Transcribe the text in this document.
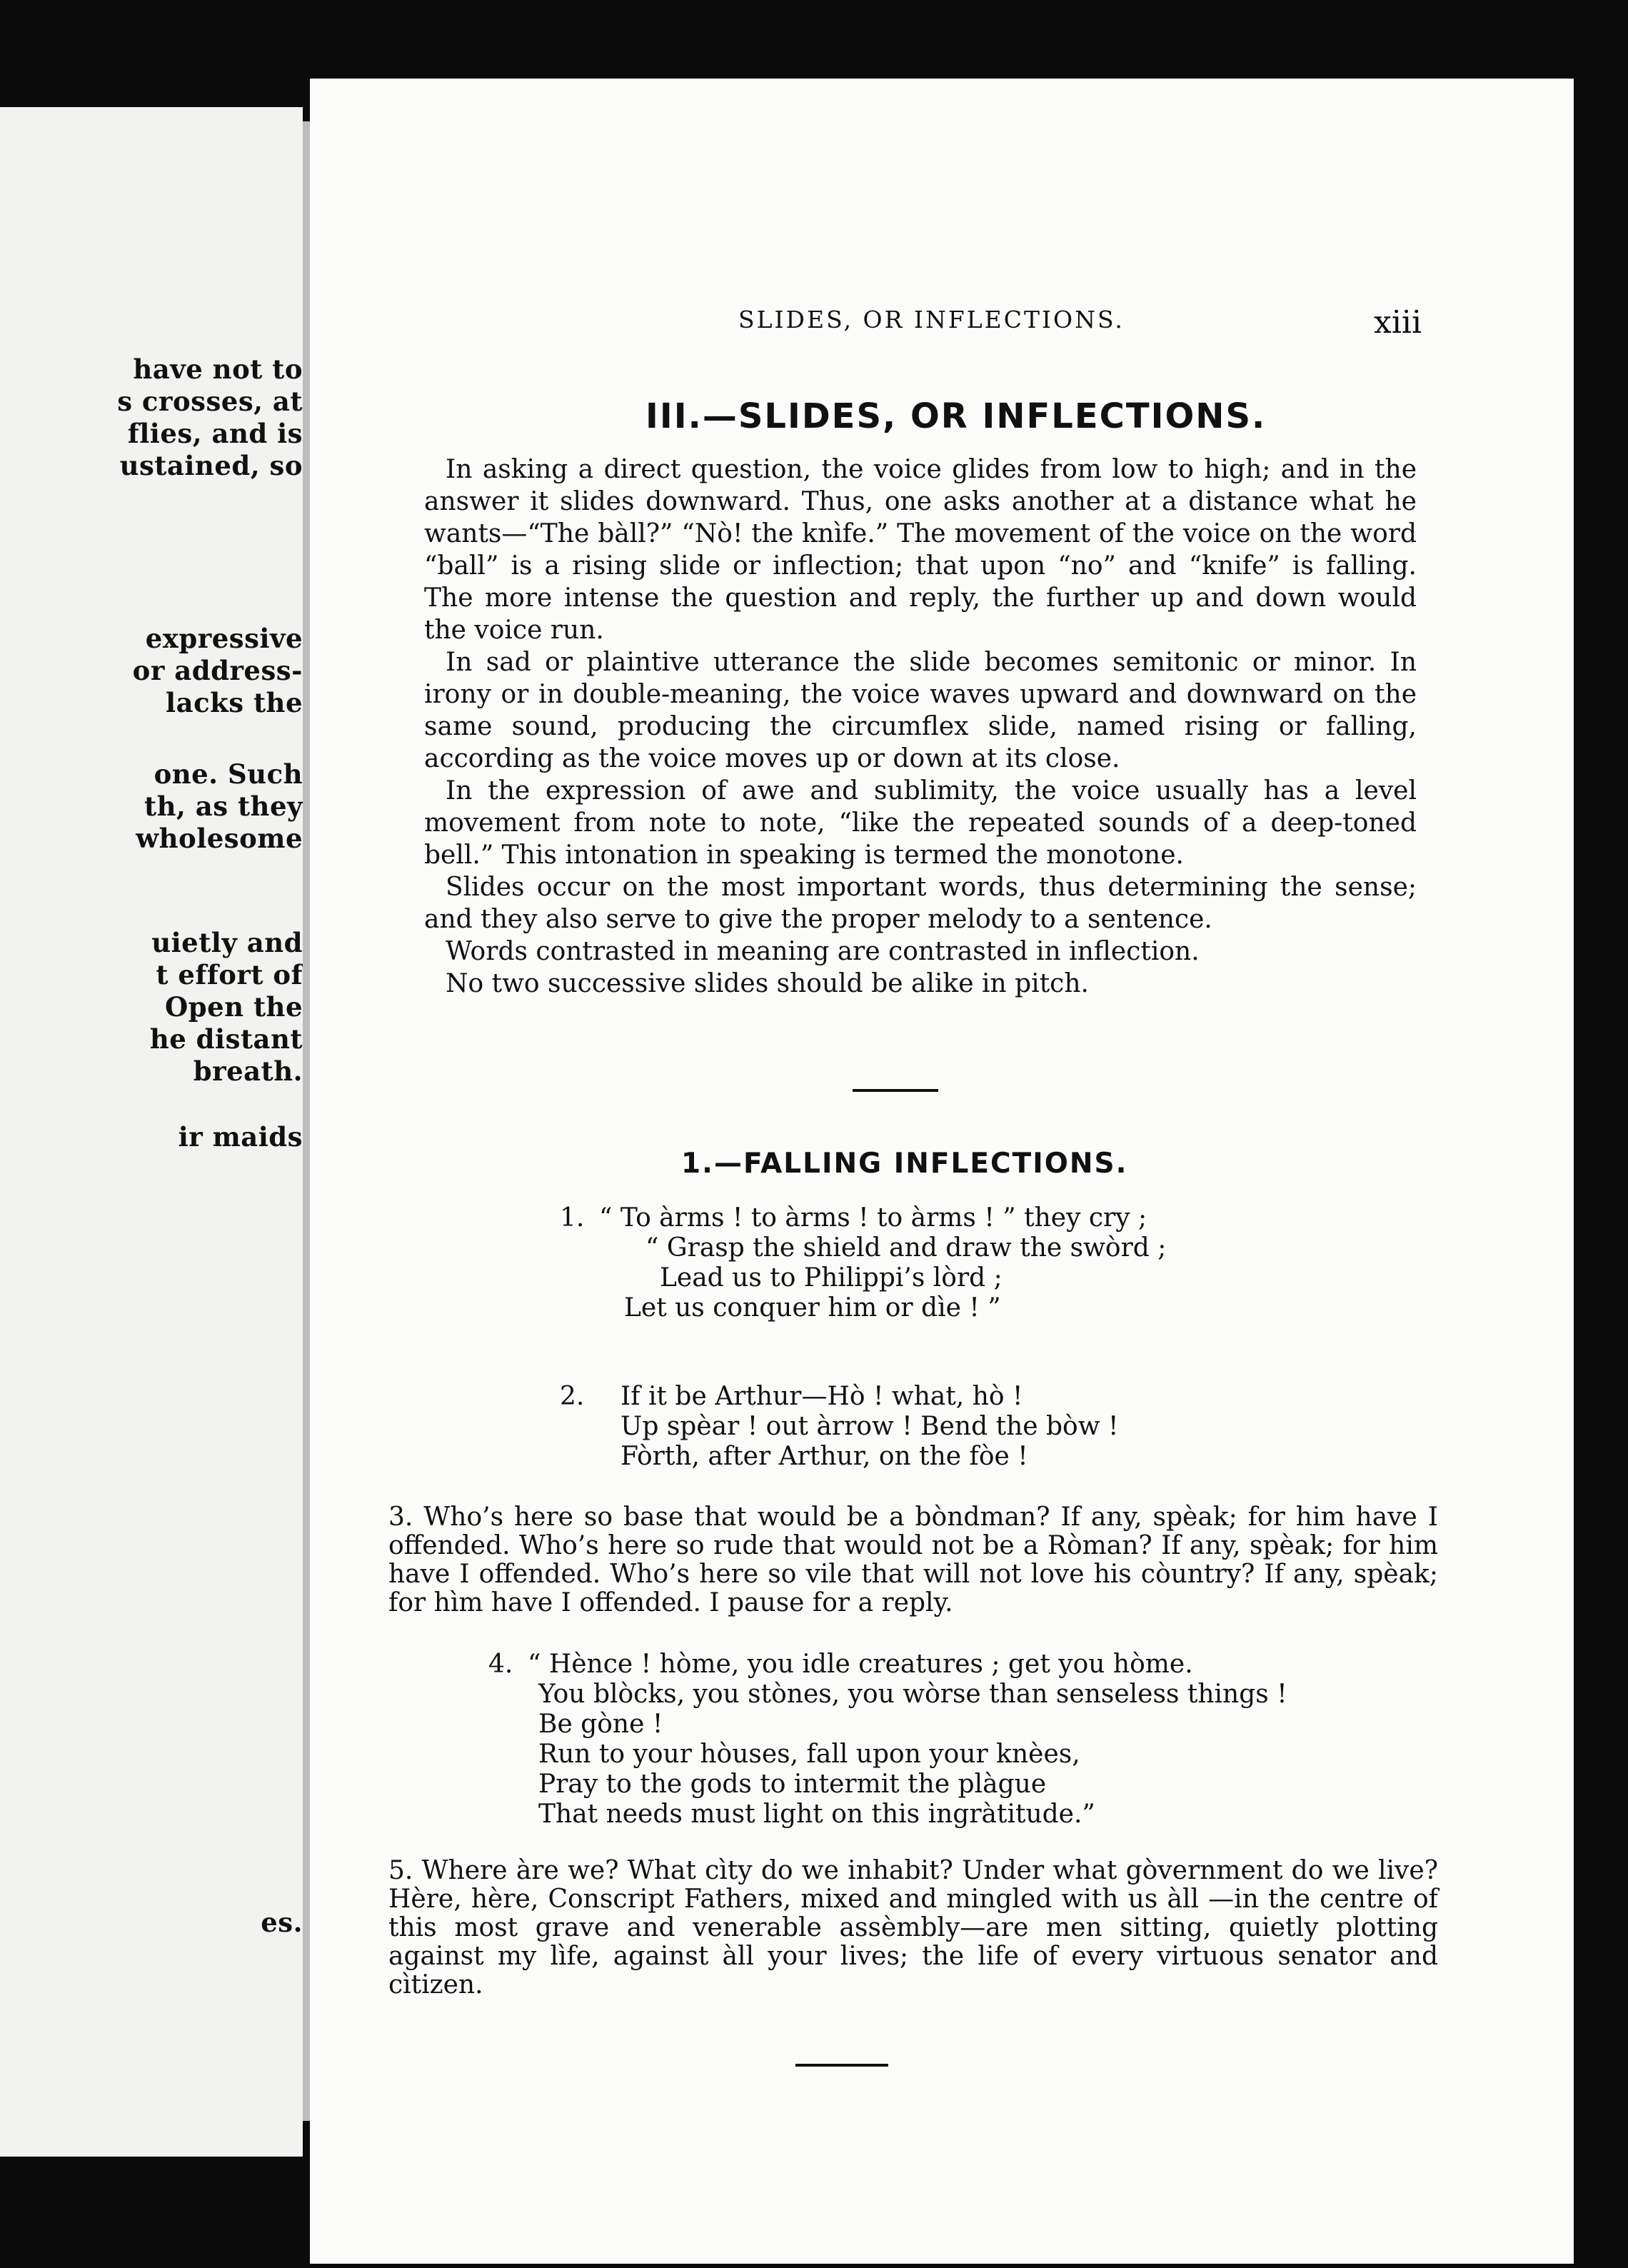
have not to
s crosses, at
flies, and is
ustained, so
expressive
or address-
lacks the
one. Such
th, as they
wholesome
uietly and
t effort of
Open the
he distant
breath.
ir maids
es.
SLIDES, OR INFLECTIONS.	xiii
III.—SLIDES, OR INFLECTIONS.

In asking a direct question, the voice glides from low to high; and in the answer it slides downward. Thus, one asks another at a distance what he wants—“The bàll?” “Nò! the knìfe.” The movement of the voice on the word “ball” is a rising slide or inflection; that upon “no” and “knife” is falling. The more intense the question and reply, the further up and down would the voice run.

In sad or plaintive utterance the slide becomes semitonic or minor. In irony or in double-meaning, the voice waves upward and downward on the same sound, producing the circumflex slide, named rising or falling, according as the voice moves up or down at its close.

In the expression of awe and sublimity, the voice usually has a level movement from note to note, “like the repeated sounds of a deep-toned bell.” This intonation in speaking is termed the monotone.

Slides occur on the most important words, thus determining the sense; and they also serve to give the proper melody to a sentence.

Words contrasted in meaning are contrasted in inflection.

No two successive slides should be alike in pitch.

1.—FALLING INFLECTIONS.
1. “ To àrms ! to àrms ! to àrms ! ” they cry ;
“ Grasp the shield and draw the swòrd ;
Lead us to Philippi’s lòrd ;
Let us conquer him or dìe ! ”
2. If it be Arthur—Hò ! what, hò !
Up spèar ! out àrrow ! Bend the bòw !
Fòrth, after Arthur, on the fòe !
3. Who’s here so base that would be a bòndman? If any, spèak; for him have I offended. Who’s here so rude that would not be a Ròman? If any, spèak; for him have I offended. Who’s here so vile that will not love his còuntry? If any, spèak; for hìm have I offended. I pause for a reply.
4. “ Hènce ! hòme, you idle creatures ; get you hòme.
You blòcks, you stònes, you wòrse than senseless things !
Be gòne !
Run to your hòuses, fall upon your knèes,
Pray to the gods to intermit the plàgue
That needs must light on this ingràtitude.”
5. Where àre we? What cìty do we inhabit? Under what gòvernment do we live? Hère, hère, Conscript Fathers, mixed and mingled with us àll —in the centre of this most grave and venerable assèmbly—are men sitting, quietly plotting against my lìfe, against àll your lives; the life of every virtuous senator and cìtizen.
